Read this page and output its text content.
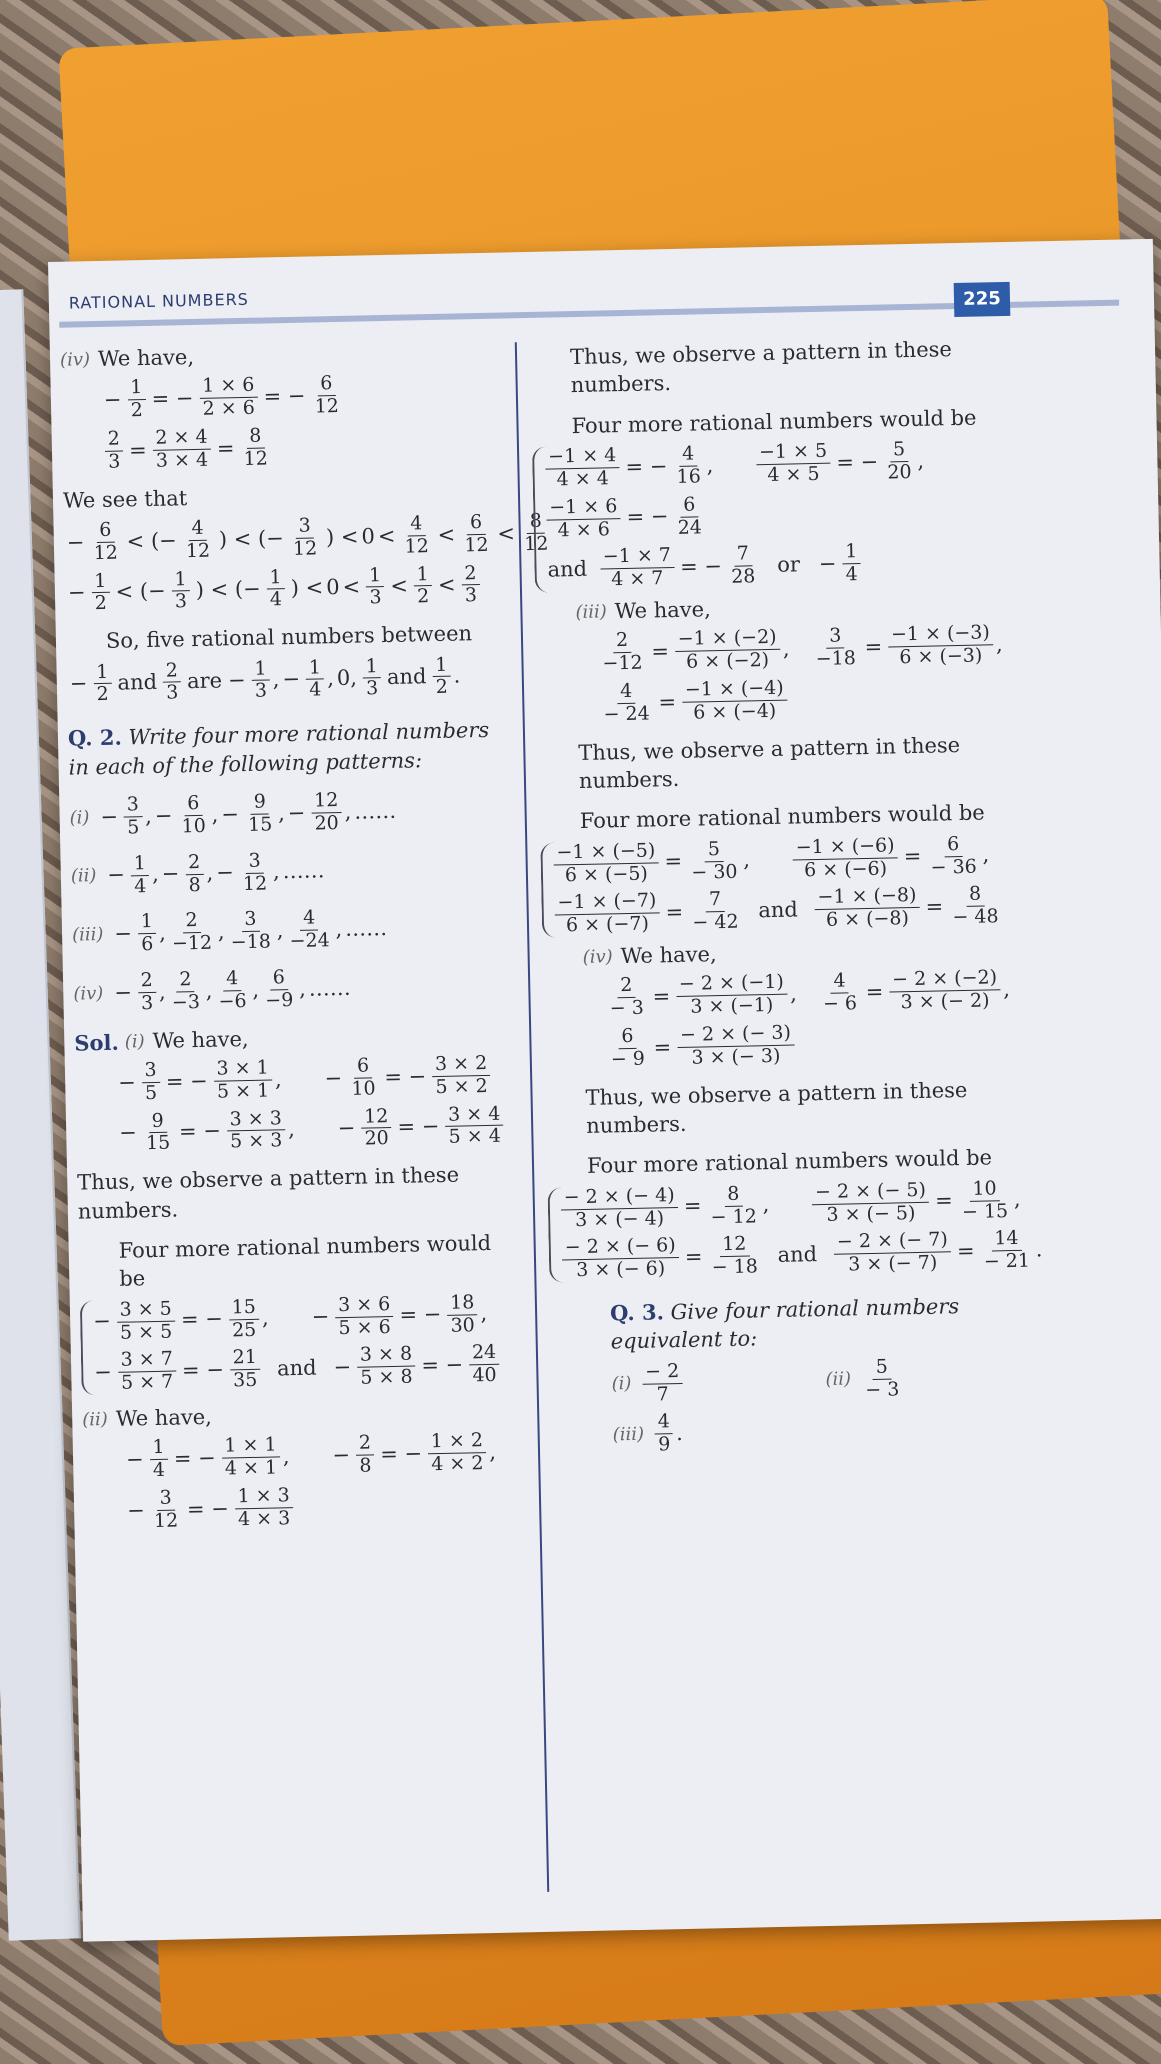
RATIONAL NUMBERS	225
(iv) We have,
− $\frac{1}{2}$ = − $\frac{1 \times 6}{2 \times 6}$ = − $\frac{6}{12}$
$\frac{2}{3} = \frac{2 \times 4}{3 \times 4} = \frac{8}{12}$

We see that

− $\frac{6}{12}$ < (− $\frac{4}{12}$ ) < (− $\frac{3}{12}$ ) < 0 <
4
12 <
6
12 <
8
12
− $\frac{1}{2}$ < (− $\frac{1}{3}$ ) < (− $\frac{1}{4}$ ) < 0 <
1
3 <
1
2 <
2
3

So, five rational numbers between

− $\frac{1}{2}$ and
2
3 are − $\frac{1}{3}$ , − $\frac{1}{4}$ , 0,
1
3 and
1
2 .

Q. 2. Write four more rational numbers in each of the following patterns:

$(i) - \frac{3}{5}$ , − $\frac{6}{10}$ , − $\frac{9}{15}$ , − $\frac{12}{20}$ , ……
$(ii) - \frac{1}{4}$ , − $\frac{2}{8}$ , − $\frac{3}{12}$ , ……
$(iii) - \frac{1}{6}$ ,
2
−12 ,
3
−18 ,
4
−24 , ……
$(iv) - \frac{2}{3}$ ,
2
−3 ,
4
−6 ,
6
−9 , ……
Sol. (i) We have,
− $\frac{3}{5}$ = − $\frac{3 \times 1}{5 \times 1}$ , − $\frac{6}{10}$ = − $\frac{3 \times 2}{5 \times 2}$
− $\frac{9}{15}$ = − $\frac{3 \times 3}{5 \times 3}$ , − $\frac{12}{20}$ = − $\frac{3 \times 4}{5 \times 4}$

Thus, we observe a pattern in these numbers.

Four more rational numbers would be

− $\frac{3 \times 5}{5 \times 5}$ = − $\frac{15}{25}$ , − $\frac{3 \times 6}{5 \times 6}$ = − $\frac{18}{30}$ ,
− $\frac{3 \times 7}{5 \times 7}$ = − $\frac{21}{35}$ and − $\frac{3 \times 8}{5 \times 8}$ = − $\frac{24}{40}$
(ii) We have,
− $\frac{1}{4}$ = − $\frac{1 \times 1}{4 \times 1}$ , − $\frac{2}{8}$ = − $\frac{1 \times 2}{4 \times 2}$ ,
− $\frac{3}{12}$ = − $\frac{1 \times 3}{4 \times 3}$

Thus, we observe a pattern in these numbers.

Four more rational numbers would be

$\frac{-1 \times 4}{4 \times 4}$ = − $\frac{4}{16}$ , $\frac{-1 \times 5}{4 \times 5}$ = − $\frac{5}{20}$ ,
$\frac{-1 \times 6}{4 \times 6}$ = − $\frac{6}{24}$
and $\frac{-1 \times 7}{4 \times 7}$ = − $\frac{7}{28}$ or − $\frac{1}{4}$
(iii) We have,
$\frac{2}{-12} = \frac{-1 \times (-2)}{6 \times (-2)}$ , $\frac{3}{-18} = \frac{-1 \times (-3)}{6 \times (-3)}$ ,
$\frac{4}{- 24} = \frac{-1 \times (-4)}{6 \times (-4)}$

Thus, we observe a pattern in these numbers.

Four more rational numbers would be

$\frac{-1 \times (-5)}{6 \times (-5)} = \frac{5}{- 30}$ , $\frac{-1 \times (-6)}{6 \times (-6)} = \frac{6}{- 36}$ ,
$\frac{-1 \times (-7)}{6 \times (-7)} = \frac{7}{- 42}$ and $\frac{-1 \times (-8)}{6 \times (-8)} = \frac{8}{- 48}$
(iv) We have,
$\frac{2}{- 3} = \frac{- 2 \times (-1)}{3 \times (-1)}$ , $\frac{4}{- 6} = \frac{- 2 \times (-2)}{3 \times (- 2)}$ ,
$\frac{6}{- 9} = \frac{- 2 \times (- 3)}{3 \times (- 3)}$

Thus, we observe a pattern in these numbers.

Four more rational numbers would be

$\frac{- 2 \times (- 4)}{3 \times (- 4)} = \frac{8}{- 12}$ , $\frac{- 2 \times (- 5)}{3 \times (- 5)} = \frac{10}{- 15}$ ,
$\frac{- 2 \times (- 6)}{3 \times (- 6)} = \frac{12}{- 18}$ and $\frac{- 2 \times (- 7)}{3 \times (- 7)} = \frac{14}{- 21}$ .

Q. 3. Give four rational numbers equivalent to:

(i)
− 2
7
(ii)
5
− 3
(iii)
4
9 .
